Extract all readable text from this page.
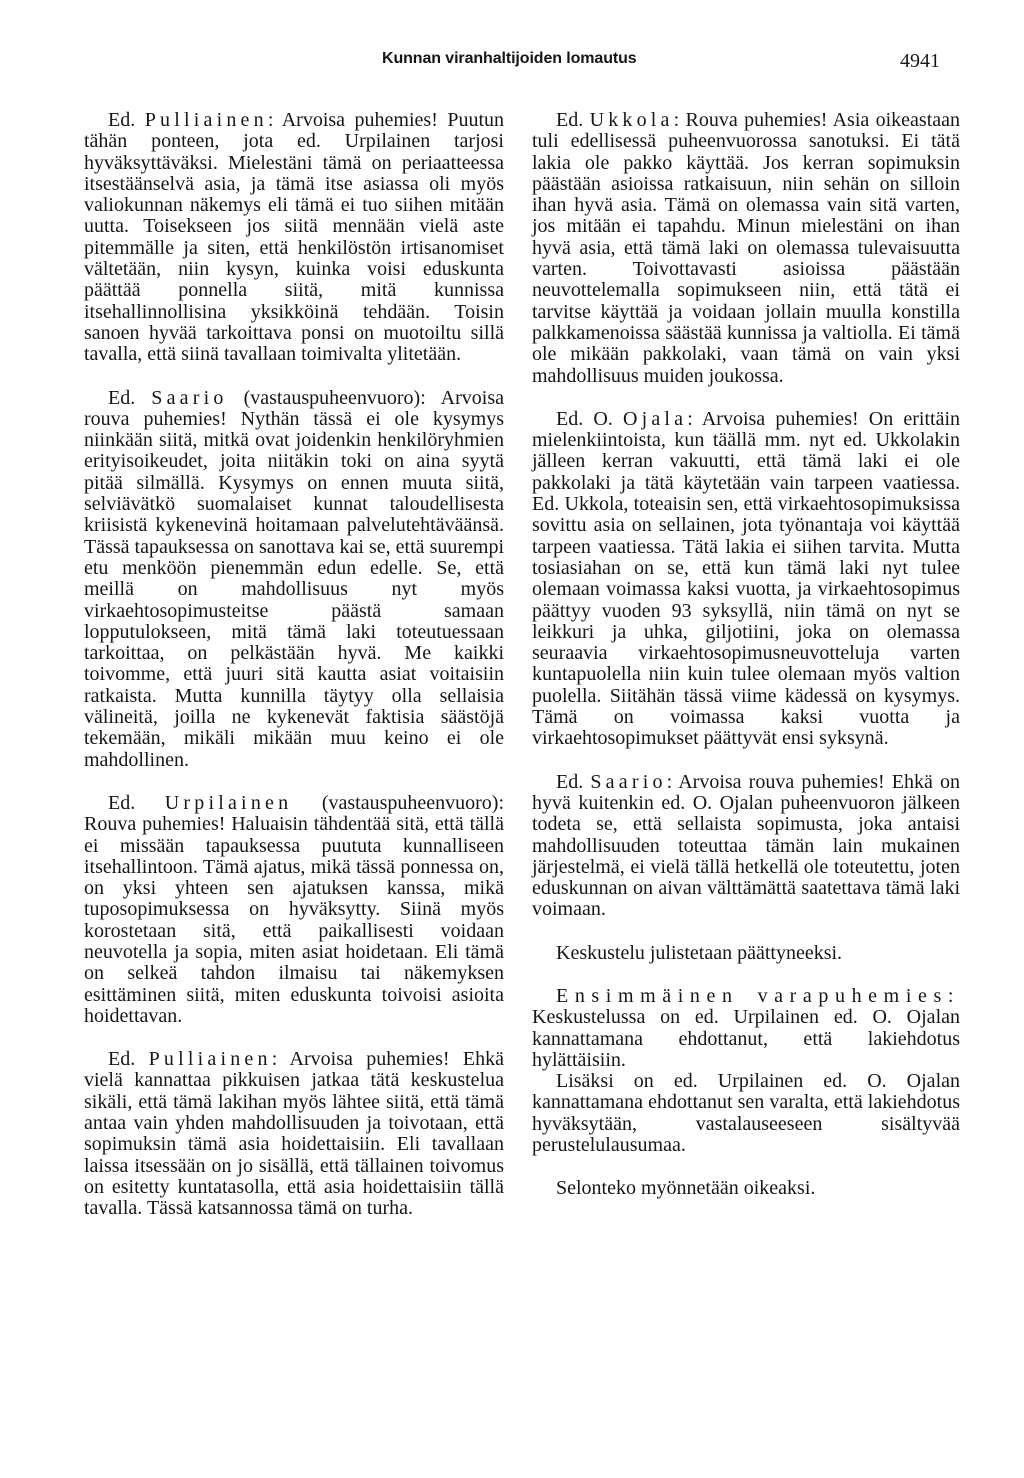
Kunnan viranhaltijoiden lomautus	4941

Ed. Pulliainen: Arvoisa puhemies! Puutun tähän ponteen, jota ed. Urpilainen tarjosi hyväksyttäväksi. Mielestäni tämä on periaatteessa itsestäänselvä asia, ja tämä itse asiassa oli myös valiokunnan näkemys eli tämä ei tuo siihen mitään uutta. Toisekseen jos siitä mennään vielä aste pitemmälle ja siten, että henkilöstön irtisanomiset vältetään, niin kysyn, kuinka voisi eduskunta päättää ponnella siitä, mitä kunnissa itsehallinnollisina yksikköinä tehdään. Toisin sanoen hyvää tarkoittava ponsi on muotoiltu sillä tavalla, että siinä tavallaan toimivalta ylitetään.

Ed. Saario (vastauspuheenvuoro): Arvoisa rouva puhemies! Nythän tässä ei ole kysymys niinkään siitä, mitkä ovat joidenkin henkilöryhmien erityisoikeudet, joita niitäkin toki on aina syytä pitää silmällä. Kysymys on ennen muuta siitä, selviävätkö suomalaiset kunnat taloudellisesta kriisistä kykenevinä hoitamaan palvelutehtäväänsä. Tässä tapauksessa on sanottava kai se, että suurempi etu menköön pienemmän edun edelle. Se, että meillä on mahdollisuus nyt myös virkaehtosopimusteitse päästä samaan lopputulokseen, mitä tämä laki toteutuessaan tarkoittaa, on pelkästään hyvä. Me kaikki toivomme, että juuri sitä kautta asiat voitaisiin ratkaista. Mutta kunnilla täytyy olla sellaisia välineitä, joilla ne kykenevät faktisia säästöjä tekemään, mikäli mikään muu keino ei ole mahdollinen.

Ed. Urpilainen (vastauspuheenvuoro): Rouva puhemies! Haluaisin tähdentää sitä, että tällä ei missään tapauksessa puututa kunnalliseen itsehallintoon. Tämä ajatus, mikä tässä ponnessa on, on yksi yhteen sen ajatuksen kanssa, mikä tuposopimuksessa on hyväksytty. Siinä myös korostetaan sitä, että paikallisesti voidaan neuvotella ja sopia, miten asiat hoidetaan. Eli tämä on selkeä tahdon ilmaisu tai näkemyksen esittäminen siitä, miten eduskunta toivoisi asioita hoidettavan.

Ed. Pulliainen: Arvoisa puhemies! Ehkä vielä kannattaa pikkuisen jatkaa tätä keskustelua sikäli, että tämä lakihan myös lähtee siitä, että tämä antaa vain yhden mahdollisuuden ja toivotaan, että sopimuksin tämä asia hoidettaisiin. Eli tavallaan laissa itsessään on jo sisällä, että tällainen toivomus on esitetty kuntatasolla, että asia hoidettaisiin tällä tavalla. Tässä katsannossa tämä on turha.

Ed. Ukkola: Rouva puhemies! Asia oikeastaan tuli edellisessä puheenvuorossa sanotuksi. Ei tätä lakia ole pakko käyttää. Jos kerran sopimuksin päästään asioissa ratkaisuun, niin sehän on silloin ihan hyvä asia. Tämä on olemassa vain sitä varten, jos mitään ei tapahdu. Minun mielestäni on ihan hyvä asia, että tämä laki on olemassa tulevaisuutta varten. Toivottavasti asioissa päästään neuvottelemalla sopimukseen niin, että tätä ei tarvitse käyttää ja voidaan jollain muulla konstilla palkkamenoissa säästää kunnissa ja valtiolla. Ei tämä ole mikään pakkolaki, vaan tämä on vain yksi mahdollisuus muiden joukossa.

Ed. O. Ojala: Arvoisa puhemies! On erittäin mielenkiintoista, kun täällä mm. nyt ed. Ukkolakin jälleen kerran vakuutti, että tämä laki ei ole pakkolaki ja tätä käytetään vain tarpeen vaatiessa. Ed. Ukkola, toteaisin sen, että virkaehtosopimuksissa sovittu asia on sellainen, jota työnantaja voi käyttää tarpeen vaatiessa. Tätä lakia ei siihen tarvita. Mutta tosiasiahan on se, että kun tämä laki nyt tulee olemaan voimassa kaksi vuotta, ja virkaehtosopimus päättyy vuoden 93 syksyllä, niin tämä on nyt se leikkuri ja uhka, giljotiini, joka on olemassa seuraavia virkaehtosopimusneuvotteluja varten kuntapuolella niin kuin tulee olemaan myös valtion puolella. Siitähän tässä viime kädessä on kysymys. Tämä on voimassa kaksi vuotta ja virkaehtosopimukset päättyvät ensi syksynä.

Ed. Saario: Arvoisa rouva puhemies! Ehkä on hyvä kuitenkin ed. O. Ojalan puheenvuoron jälkeen todeta se, että sellaista sopimusta, joka antaisi mahdollisuuden toteuttaa tämän lain mukainen järjestelmä, ei vielä tällä hetkellä ole toteutettu, joten eduskunnan on aivan välttämättä saatettava tämä laki voimaan.

Keskustelu julistetaan päättyneeksi.

Ensimmäinen varapuhemies: Keskustelussa on ed. Urpilainen ed. O. Ojalan kannattamana ehdottanut, että lakiehdotus hylättäisiin.

Lisäksi on ed. Urpilainen ed. O. Ojalan kannattamana ehdottanut sen varalta, että lakiehdotus hyväksytään, vastalauseeseen sisältyvää perustelulausumaa.

Selonteko myönnetään oikeaksi.
